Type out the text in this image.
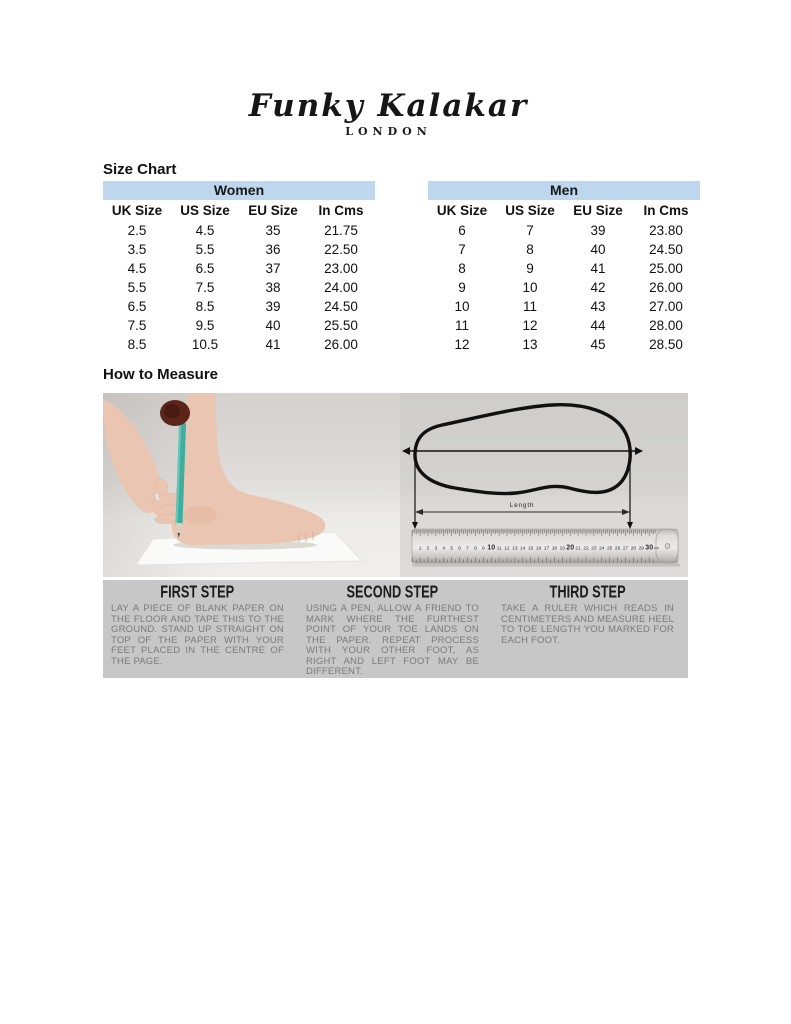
Funky Kalakar
LONDON
Size Chart
Women
UK Size	US Size	EU Size	In Cms
2.5	4.5	35	21.75
3.5	5.5	36	22.50
4.5	6.5	37	23.00
5.5	7.5	38	24.00
6.5	8.5	39	24.50
7.5	9.5	40	25.50
8.5	10.5	41	26.00
Men
UK Size	US Size	EU Size	In Cms
6	7	39	23.80
7	8	40	24.50
8	9	41	25.00
9	10	42	26.00
10	11	43	27.00
11	12	44	28.00
12	13	45	28.50
How to Measure
Length
1 2 3 4 5 6 7 8 9 10 11 12 13 14 15 16 17 18 19 20 21 22 23 24 25 26 27 28 29 30 cm
FIRST STEP

LAY A PIECE OF BLANK PAPER ON THE FLOOR AND TAPE THIS TO THE GROUND. STAND UP STRAIGHT ON TOP OF THE PAPER WITH YOUR FEET PLACED IN THE CENTRE OF THE PAGE.

SECOND STEP

USING A PEN, ALLOW A FRIEND TO MARK WHERE THE FURTHEST POINT OF YOUR TOE LANDS ON THE PAPER. REPEAT PROCESS WITH YOUR OTHER FOOT, AS RIGHT AND LEFT FOOT MAY BE DIFFERENT.

THIRD STEP

TAKE A RULER WHICH READS IN CENTIMETERS AND MEASURE HEEL TO TOE LENGTH YOU MARKED FOR EACH FOOT.
